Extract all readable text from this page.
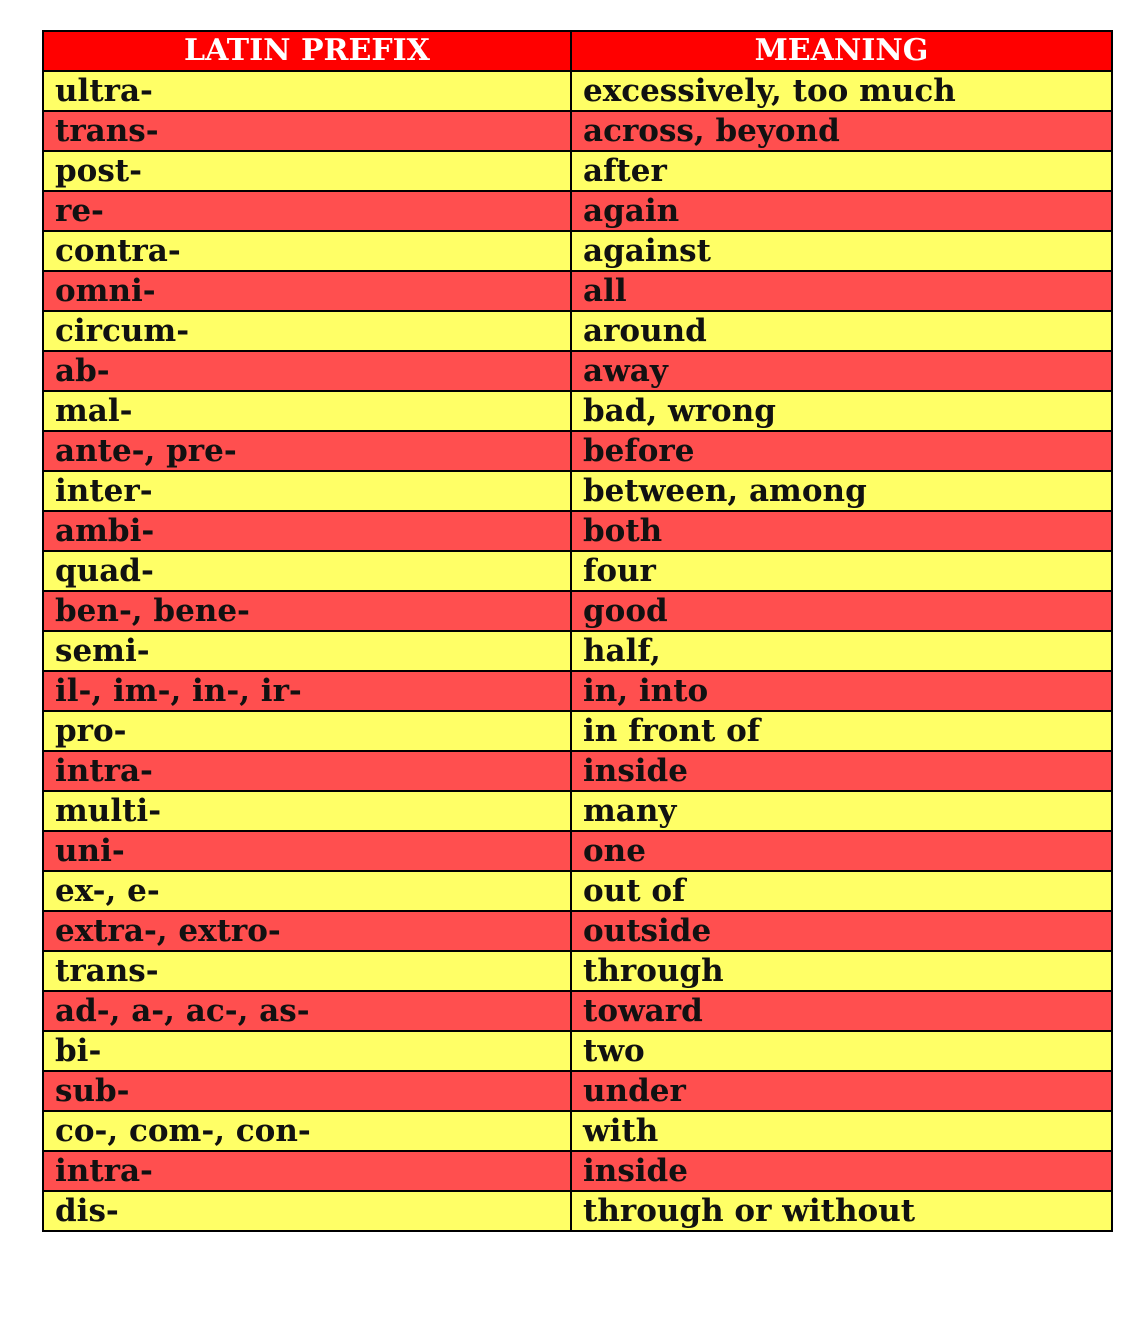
LATIN PREFIX	MEANING
ultra-	excessively, too much
trans-	across, beyond
post-	after
re-	again
contra-	against
omni-	all
circum-	around
ab-	away
mal-	bad, wrong
ante-, pre-	before
inter-	between, among
ambi-	both
quad-	four
ben-, bene-	good
semi-	half,
il-, im-, in-, ir-	in, into
pro-	in front of
intra-	inside
multi-	many
uni-	one
ex-, e-	out of
extra-, extro-	outside
trans-	through
ad-, a-, ac-, as-	toward
bi-	two
sub-	under
co-, com-, con-	with
intra-	inside
dis-	through or without
